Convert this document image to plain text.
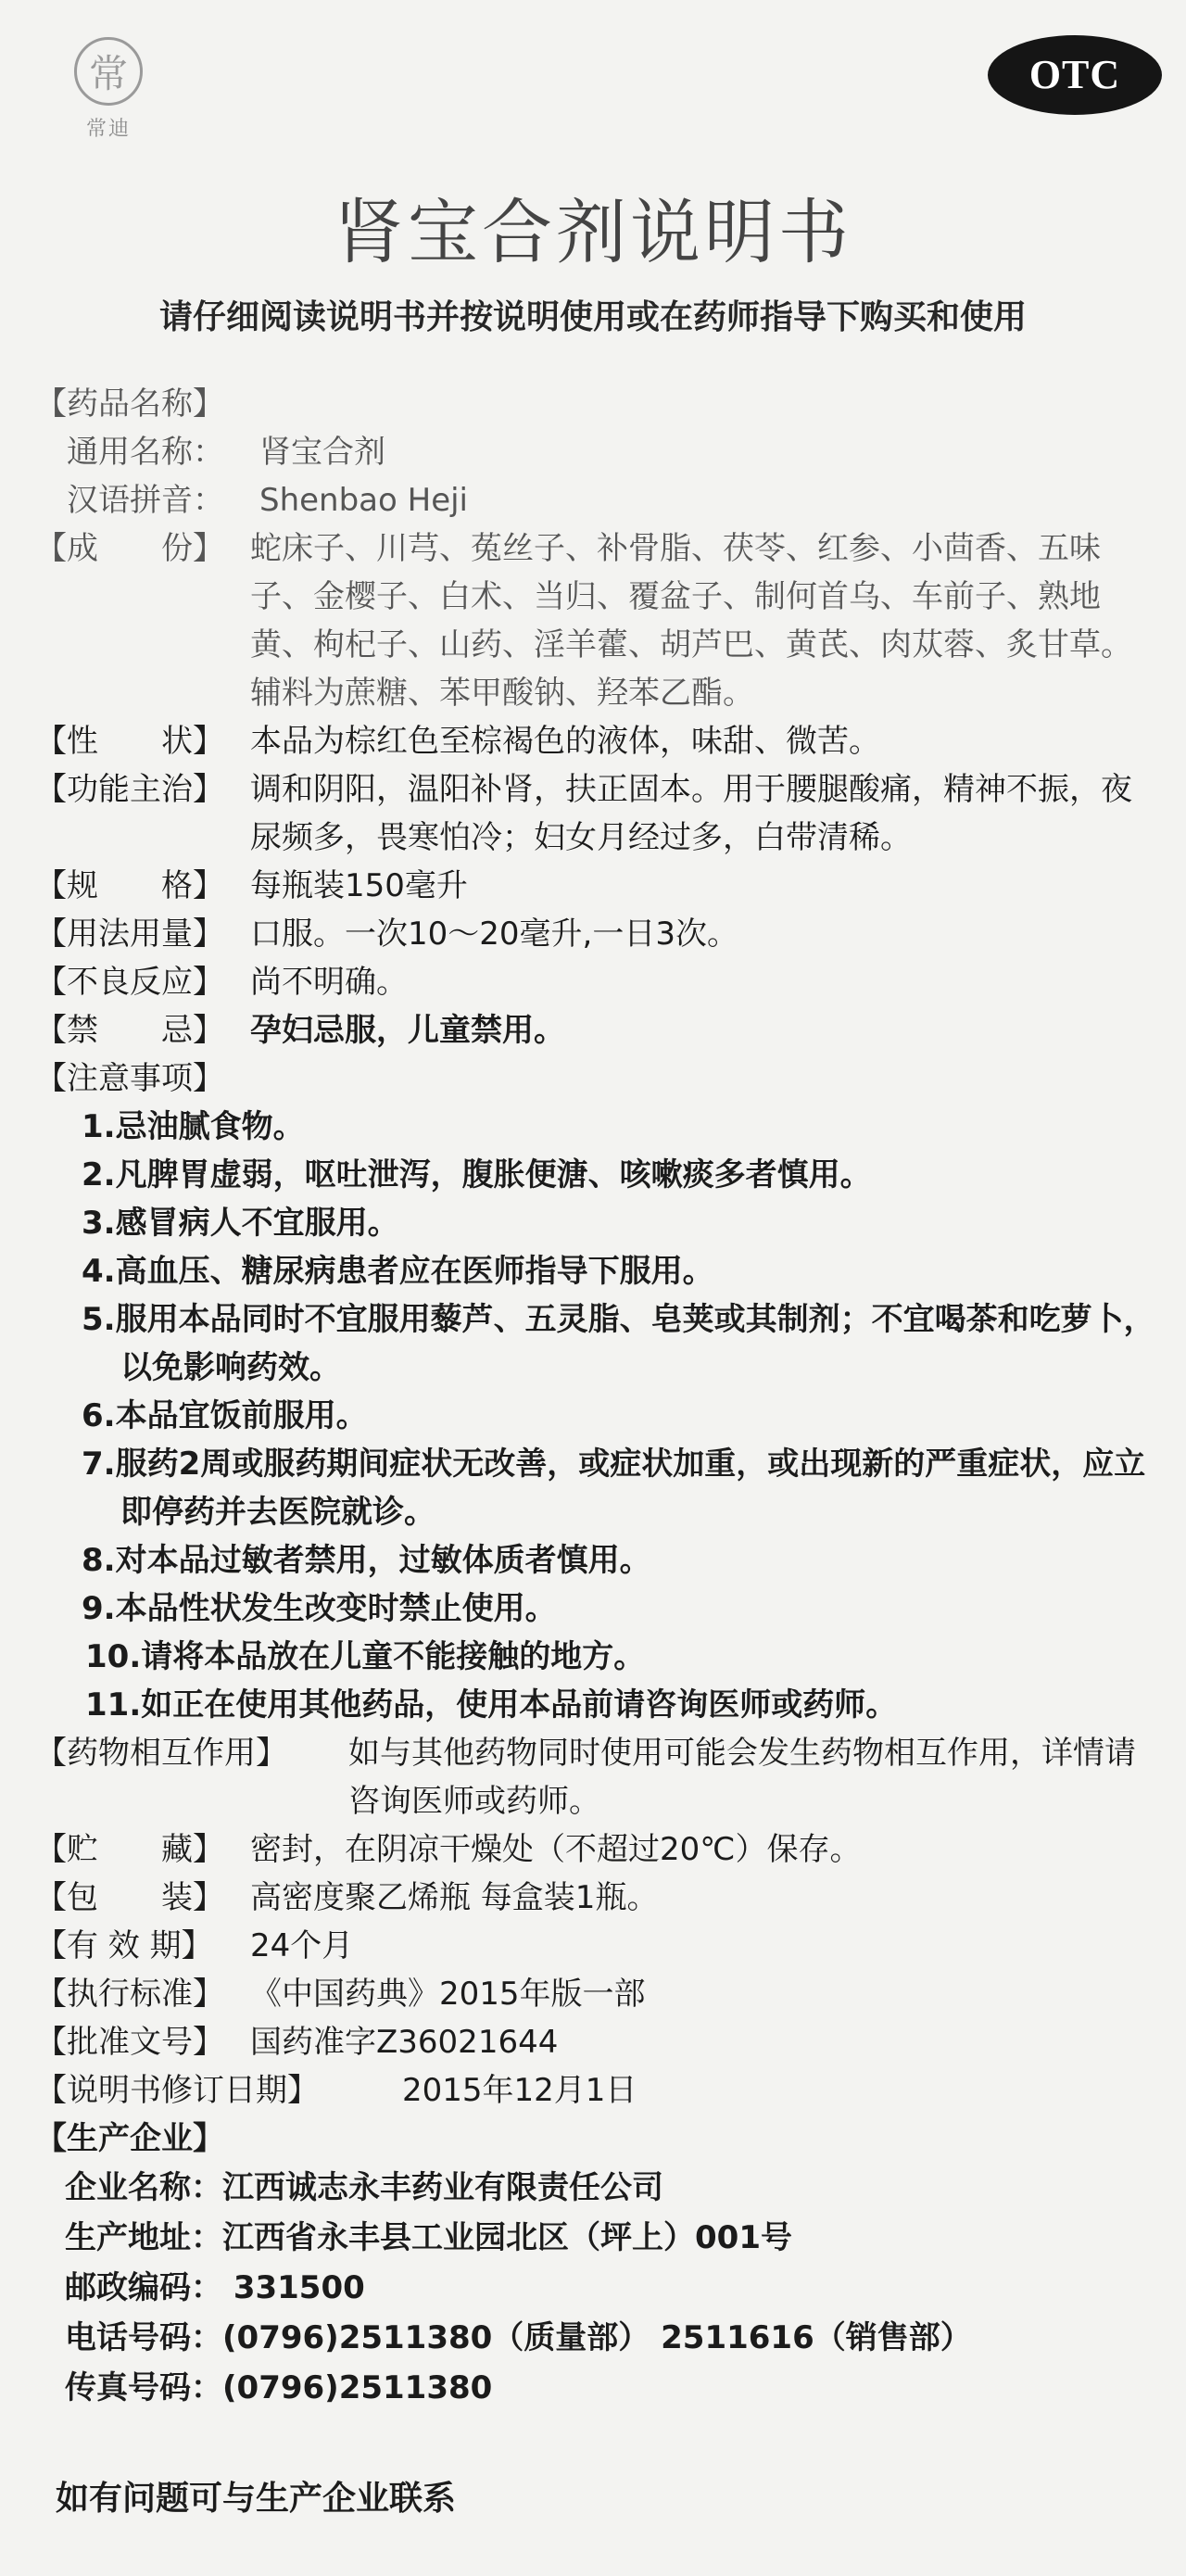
常
常迪
OTC
肾宝合剂说明书
请仔细阅读说明书并按说明使用或在药师指导下购买和使用
【药品名称】
通用名称： 肾宝合剂
汉语拼音： Shenbao Heji
【成　　份】 蛇床子、川芎、菟丝子、补骨脂、茯苓、红参、小茴香、五味子、金樱子、白术、当归、覆盆子、制何首乌、车前子、熟地黄、枸杞子、山药、淫羊藿、胡芦巴、黄芪、肉苁蓉、炙甘草。辅料为蔗糖、苯甲酸钠、羟苯乙酯。
【性　　状】 本品为棕红色至棕褐色的液体，味甜、微苦。
【功能主治】 调和阴阳，温阳补肾，扶正固本。用于腰腿酸痛，精神不振，夜尿频多，畏寒怕冷；妇女月经过多，白带清稀。
【规　　格】 每瓶装150毫升
【用法用量】 口服。一次10～20毫升,一日3次。
【不良反应】 尚不明确。
【禁　　忌】 孕妇忌服，儿童禁用。
【注意事项】
1.忌油腻食物。
2.凡脾胃虚弱，呕吐泄泻，腹胀便溏、咳嗽痰多者慎用。
3.感冒病人不宜服用。
4.高血压、糖尿病患者应在医师指导下服用。
5.服用本品同时不宜服用藜芦、五灵脂、皂荚或其制剂；不宜喝茶和吃萝卜，以免影响药效。
6.本品宜饭前服用。
7.服药2周或服药期间症状无改善，或症状加重，或出现新的严重症状，应立即停药并去医院就诊。
8.对本品过敏者禁用，过敏体质者慎用。
9.本品性状发生改变时禁止使用。
10.请将本品放在儿童不能接触的地方。
11.如正在使用其他药品，使用本品前请咨询医师或药师。
【药物相互作用】 如与其他药物同时使用可能会发生药物相互作用，详情请咨询医师或药师。
【贮　　藏】 密封，在阴凉干燥处（不超过20℃）保存。
【包　　装】 高密度聚乙烯瓶 每盒装1瓶。
【有 效 期】 24个月
【执行标准】 《中国药典》2015年版一部
【批准文号】 国药准字Z36021644
【说明书修订日期】	2015年12月1日
【生产企业】
企业名称：江西诚志永丰药业有限责任公司
生产地址：江西省永丰县工业园北区（坪上）001号
邮政编码： 331500
电话号码：(0796)2511380（质量部） 2511616（销售部）
传真号码：(0796)2511380
如有问题可与生产企业联系
